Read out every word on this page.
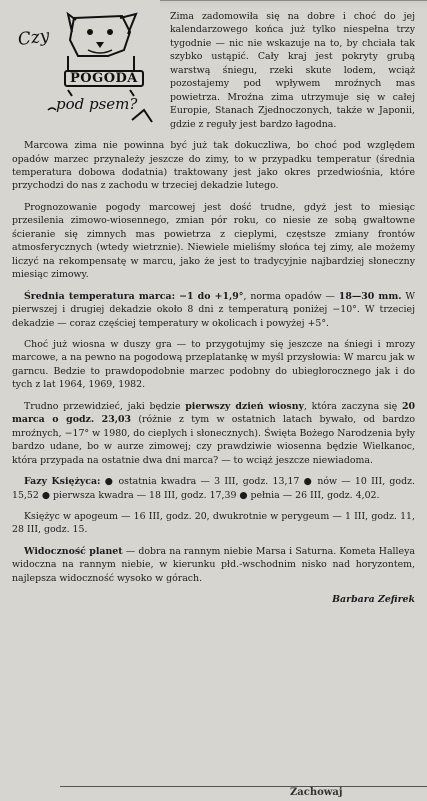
Czy
POGODA
pod psem?

Zima zadomowiła się na dobre i choć do jej kalendarzowego końca już tylko niespełna trzy tygodnie — nic nie wskazuje na to, by chciała tak szybko ustąpić. Cały kraj jest pokryty grubą warstwą śniegu, rzeki skute lodem, wciąż pozostajemy pod wpływem mroźnych mas powietrza. Mroźna zima utrzymuje się w całej Europie, Stanach Zjednoczonych, także w Japonii, gdzie z reguły jest bardzo łagodna.

Marcowa zima nie powinna być już tak dokuczliwa, bo choć pod względem opadów marzec przynależy jeszcze do zimy, to w przypadku temperatur (średnia temperatura dobowa dodatnia) traktowany jest jako okres przedwiośnia, które przychodzi do nas z zachodu w trzeciej dekadzie lutego.

Prognozowanie pogody marcowej jest dość trudne, gdyż jest to miesiąc przesilenia zimowo-wiosennego, zmian pór roku, co niesie ze sobą gwałtowne ścieranie się zimnych mas powietrza z cieplymi, częstsze zmiany frontów atmosferycznych (wtedy wietrznie). Niewiele mieliśmy słońca tej zimy, ale możemy liczyć na rekompensatę w marcu, jako że jest to tradycyjnie najbardziej słoneczny miesiąc zimowy.

Średnia temperatura marca: −1 do +1,9°, norma opadów — 18—30 mm. W pierwszej i drugiej dekadzie około 8 dni z temperaturą poniżej −10°. W trzeciej dekadzie — coraz częściej temperatury w okolicach i powyżej +5°.

Choć już wiosna w duszy gra — to przygotujmy się jeszcze na śniegi i mrozy marcowe, a na pewno na pogodową przeplatankę w myśl przysłowia: W marcu jak w garncu. Bedzie to prawdopodobnie marzec podobny do ubiegłorocznego jak i do tych z lat 1964, 1969, 1982.

Trudno przewidzieć, jaki będzie pierwszy dzień wiosny, która zaczyna się 20 marca o godz. 23,03 (różnie z tym w ostatnich latach bywało, od bardzo mroźnych, −17° w 1980, do cieplych i słonecznych). Święta Bożego Narodzenia były bardzo udane, bo w aurze zimowej; czy prawdziwie wiosenna będzie Wielkanoc, która przypada na ostatnie dwa dni marca? — to wciąż jeszcze niewiadoma.

Fazy Księżyca: ● ostatnia kwadra — 3 III, godz. 13,17 ● nów — 10 III, godz. 15,52 ● pierwsza kwadra — 18 III, godz. 17,39 ● pełnia — 26 III, godz. 4,02.

Księżyc w apogeum — 16 III, godz. 20, dwukrotnie w perygeum — 1 III, godz. 11, 28 III, godz. 15.

Widoczność planet — dobra na rannym niebie Marsa i Saturna. Kometa Halleya widoczna na rannym niebie, w kierunku płd.-wschodnim nisko nad horyzontem, najlepsza widoczność wysoko w górach.

Barbara Zefirek
Zachowaj
